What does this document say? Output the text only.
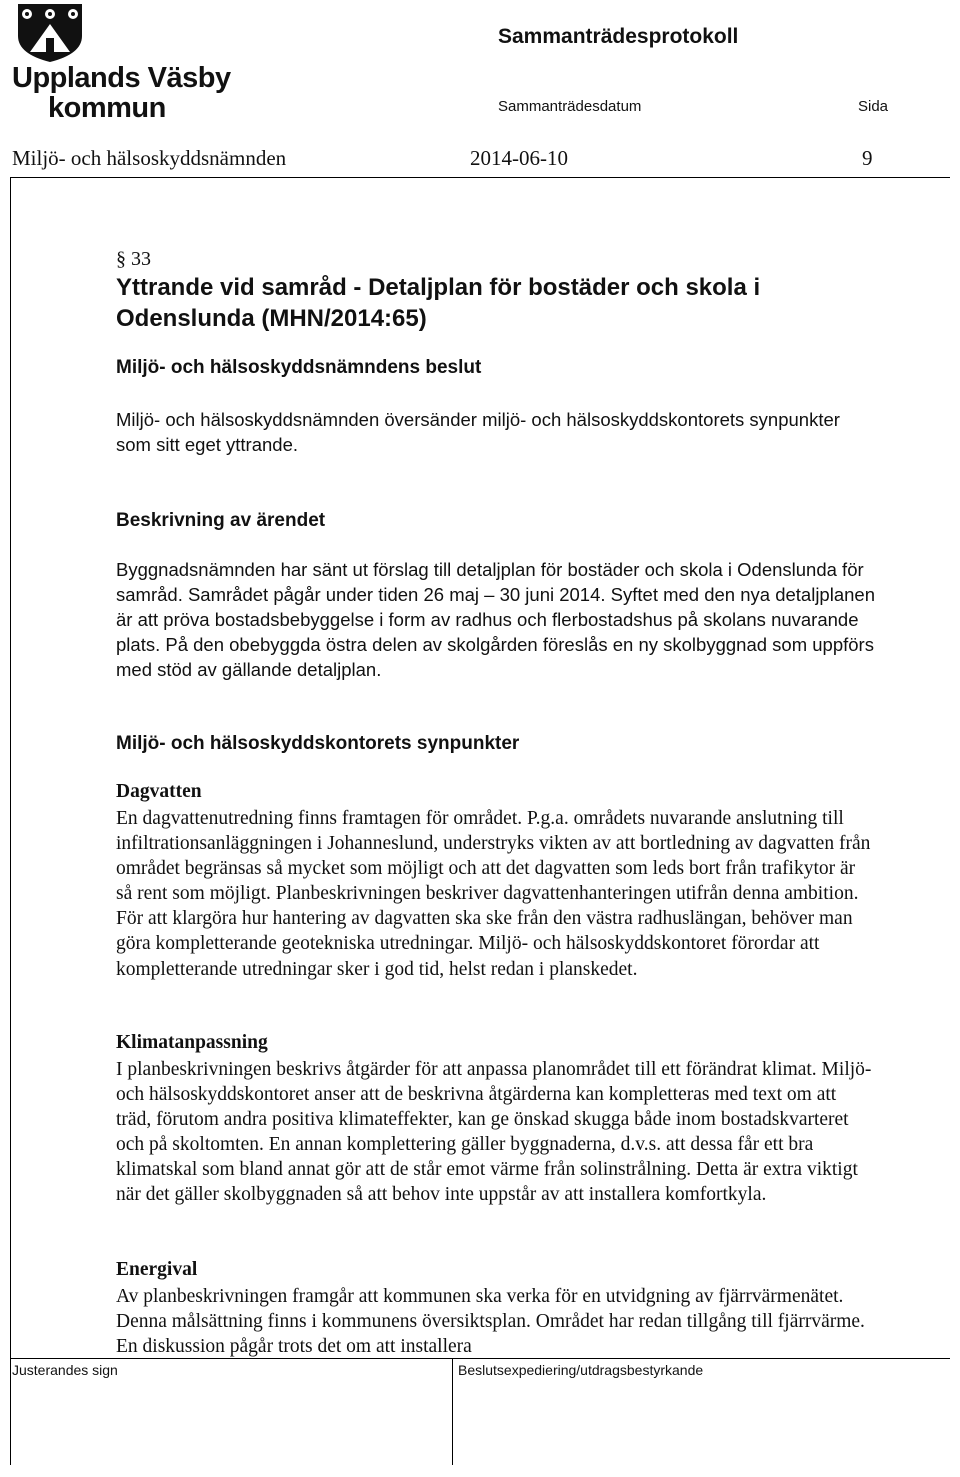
Upplands Väsby
kommun
Sammanträdesprotokoll
Sammanträdesdatum	Sida
Miljö- och hälsoskyddsnämnden	2014-06-10	9
§ 33
Yttrande vid samråd - Detaljplan för bostäder och skola i Odenslunda (MHN/2014:65)
Miljö- och hälsoskyddsnämndens beslut

Miljö- och hälsoskyddsnämnden översänder miljö- och hälsoskyddskontorets synpunkter som sitt eget yttrande.

Beskrivning av ärendet

Byggnadsnämnden har sänt ut förslag till detaljplan för bostäder och skola i Odenslunda för samråd. Samrådet pågår under tiden 26 maj – 30 juni 2014. Syftet med den nya detaljplanen är att pröva bostadsbebyggelse i form av radhus och flerbostadshus på skolans nuvarande plats. På den obebyggda östra delen av skolgården föreslås en ny skolbyggnad som uppförs med stöd av gällande detaljplan.

Miljö- och hälsoskyddskontorets synpunkter
Dagvatten

En dagvattenutredning finns framtagen för området. P.g.a. områdets nuvarande anslutning till infiltrationsanläggningen i Johanneslund, understryks vikten av att bortledning av dagvatten från området begränsas så mycket som möjligt och att det dagvatten som leds bort från trafikytor är så rent som möjligt. Planbeskrivningen beskriver dagvattenhanteringen utifrån denna ambition. För att klargöra hur hantering av dagvatten ska ske från den västra radhuslängan, behöver man göra kompletterande geotekniska utredningar. Miljö- och hälsoskyddskontoret förordar att kompletterande utredningar sker i god tid, helst redan i planskedet.

Klimatanpassning

I planbeskrivningen beskrivs åtgärder för att anpassa planområdet till ett förändrat klimat. Miljö- och hälsoskyddskontoret anser att de beskrivna åtgärderna kan kompletteras med text om att träd, förutom andra positiva klimateffekter, kan ge önskad skugga både inom bostadskvarteret och på skoltomten. En annan komplettering gäller byggnaderna, d.v.s. att dessa får ett bra klimatskal som bland annat gör att de står emot värme från solinstrålning. Detta är extra viktigt när det gäller skolbyggnaden så att behov inte uppstår av att installera komfortkyla.

Energival

Av planbeskrivningen framgår att kommunen ska verka för en utvidgning av fjärrvärmenätet. Denna målsättning finns i kommunens översiktsplan. Området har redan tillgång till fjärrvärme. En diskussion pågår trots det om att installera

Justerandes sign	Beslutsexpediering/utdragsbestyrkande
